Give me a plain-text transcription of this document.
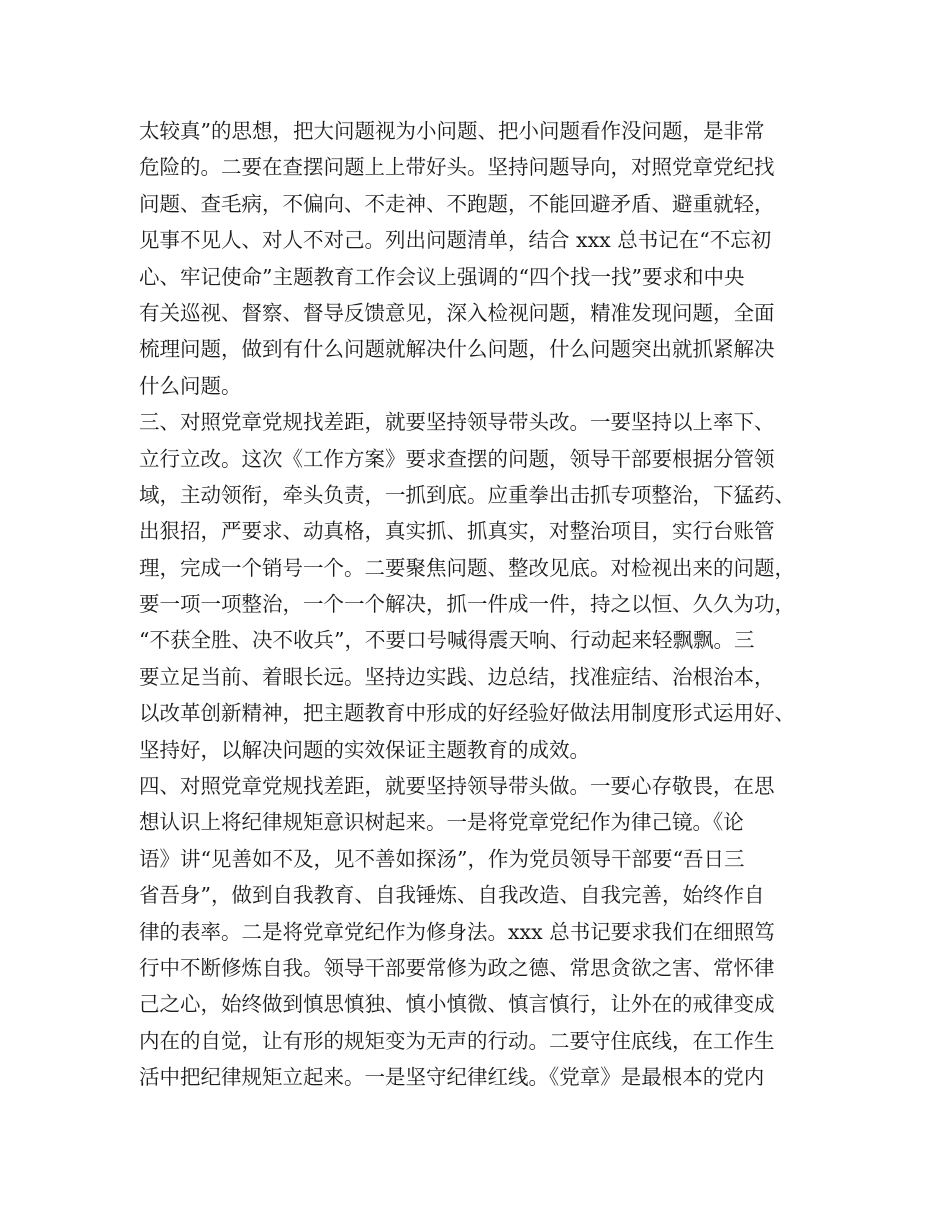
太较真”的思想，把大问题视为小问题、把小问题看作没问题，是非常
危险的。二要在查摆问题上上带好头。坚持问题导向，对照党章党纪找
问题、查毛病，不偏向、不走神、不跑题，不能回避矛盾、避重就轻，
见事不见人、对人不对己。列出问题清单，结合 xxx 总书记在“不忘初
心、牢记使命”主题教育工作会议上强调的“四个找一找”要求和中央
有关巡视、督察、督导反馈意见，深入检视问题，精准发现问题，全面
梳理问题，做到有什么问题就解决什么问题，什么问题突出就抓紧解决
什么问题。
三、对照党章党规找差距，就要坚持领导带头改。一要坚持以上率下、
立行立改。这次《工作方案》要求查摆的问题，领导干部要根据分管领
域，主动领衔，牵头负责，一抓到底。应重拳出击抓专项整治，下猛药、
出狠招，严要求、动真格，真实抓、抓真实，对整治项目，实行台账管
理，完成一个销号一个。二要聚焦问题、整改见底。对检视出来的问题，
要一项一项整治，一个一个解决，抓一件成一件，持之以恒、久久为功，
“不获全胜、决不收兵”，不要口号喊得震天响、行动起来轻飘飘。三
要立足当前、着眼长远。坚持边实践、边总结，找准症结、治根治本，
以改革创新精神，把主题教育中形成的好经验好做法用制度形式运用好、
坚持好，以解决问题的实效保证主题教育的成效。
四、对照党章党规找差距，就要坚持领导带头做。一要心存敬畏，在思
想认识上将纪律规矩意识树起来。一是将党章党纪作为律己镜。《论
语》讲“见善如不及，见不善如探汤”，作为党员领导干部要“吾日三
省吾身”，做到自我教育、自我锤炼、自我改造、自我完善，始终作自
律的表率。二是将党章党纪作为修身法。xxx 总书记要求我们在细照笃
行中不断修炼自我。领导干部要常修为政之德、常思贪欲之害、常怀律
己之心，始终做到慎思慎独、慎小慎微、慎言慎行，让外在的戒律变成
内在的自觉，让有形的规矩变为无声的行动。二要守住底线，在工作生
活中把纪律规矩立起来。一是坚守纪律红线。《党章》是最根本的党内
